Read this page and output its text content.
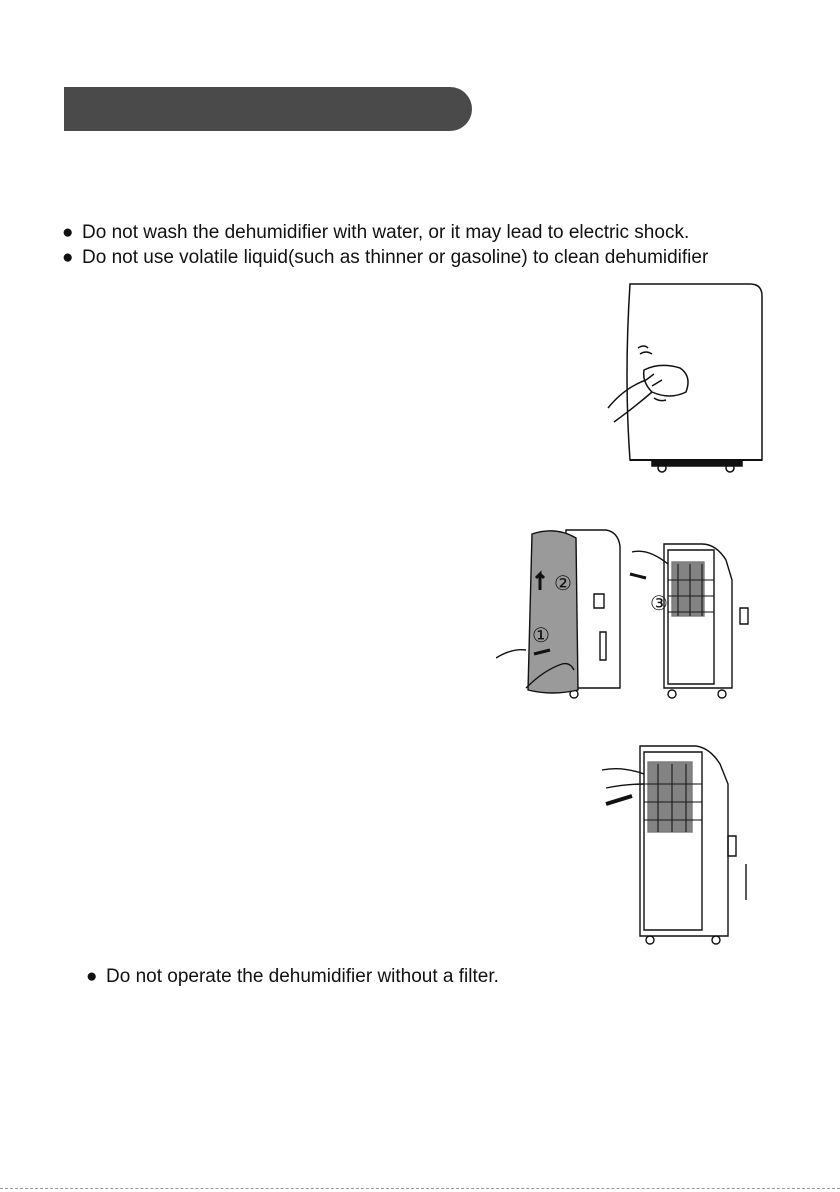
● Do not wash the dehumidifier with water, or it may lead to electric shock.
● Do not use volatile liquid(such as thinner or gasoline) to clean dehumidifier
②
①
③
● Do not operate the dehumidifier without a filter.
